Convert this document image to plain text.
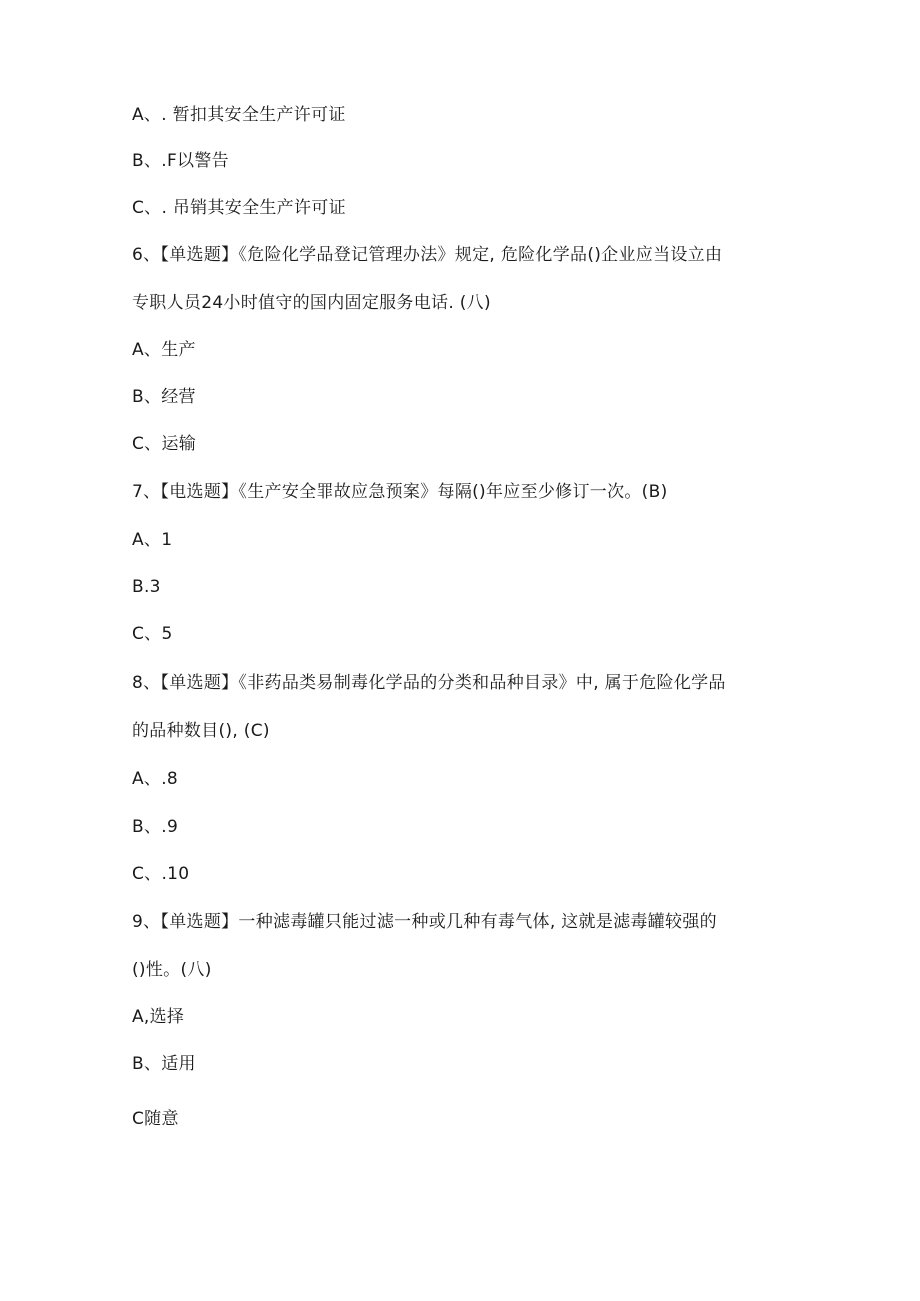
A、. 暂扣其安全生产许可证
B、.F以警告
C、. 吊销其安全生产许可证
6、【单选题】《危险化学品登记管理办法》规定, 危险化学品()企业应当设立由
专职人员24小时值守的国内固定服务电话. (八)
A、生产
B、经营
C、运输
7、【电选题】《生产安全罪故应急预案》每隔()年应至少修订一次。(B)
A、1
B.3
C、5
8、【单选题】《非药品类易制毒化学品的分类和品种目录》中, 属于危险化学品
的品种数目(), (C)
A、.8
B、.9
C、.10
9、【单选题】一种滤毒罐只能过滤一种或几种有毒气体, 这就是滤毒罐较强的
()性。(八)
A,选择
B、适用
C随意
